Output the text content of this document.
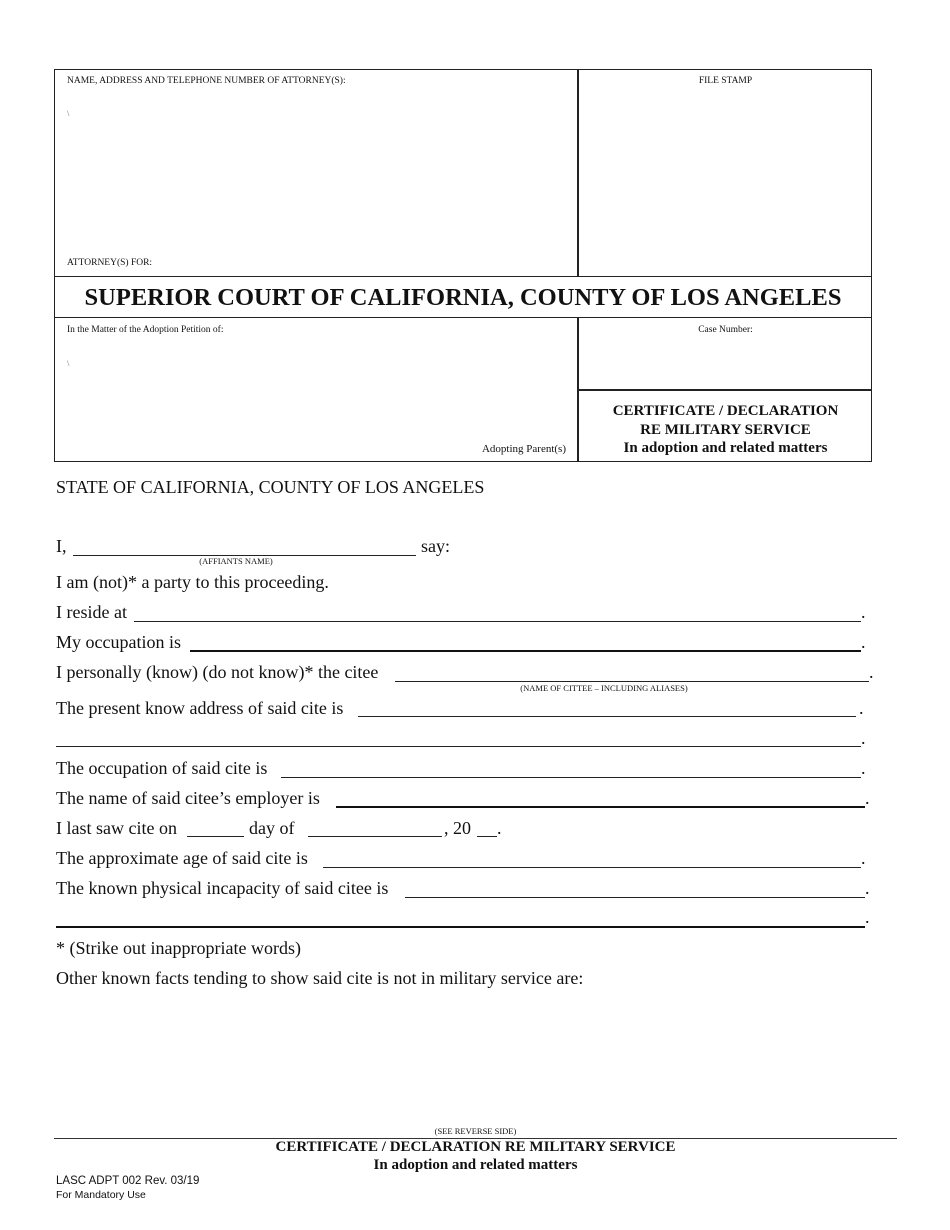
NAME, ADDRESS AND TELEPHONE NUMBER OF ATTORNEY(S):
\
ATTORNEY(S) FOR:
FILE STAMP
SUPERIOR COURT OF CALIFORNIA, COUNTY OF LOS ANGELES
In the Matter of the Adoption Petition of:
\
Adopting Parent(s)
Case Number:
CERTIFICATE / DECLARATION
RE MILITARY SERVICE
In adoption and related matters
STATE OF CALIFORNIA, COUNTY OF LOS ANGELES
I,	say:
(AFFIANTS NAME)
I am (not)* a party to this proceeding.
I reside at	.
My occupation is	.
I personally (know) (do not know)* the citee	.
(NAME OF CITTEE – INCLUDING ALIASES)
The present know address of said cite is	.
.
The occupation of said cite is	.
The name of said citee’s employer is	.
I last saw cite on	day of	, 20 .
The approximate age of said cite is	.
The known physical incapacity of said citee is	.
.
* (Strike out inappropriate words)
Other known facts tending to show said cite is not in military service are:
(SEE REVERSE SIDE)
CERTIFICATE / DECLARATION RE MILITARY SERVICE
In adoption and related matters
LASC ADPT 002 Rev. 03/19
For Mandatory Use
